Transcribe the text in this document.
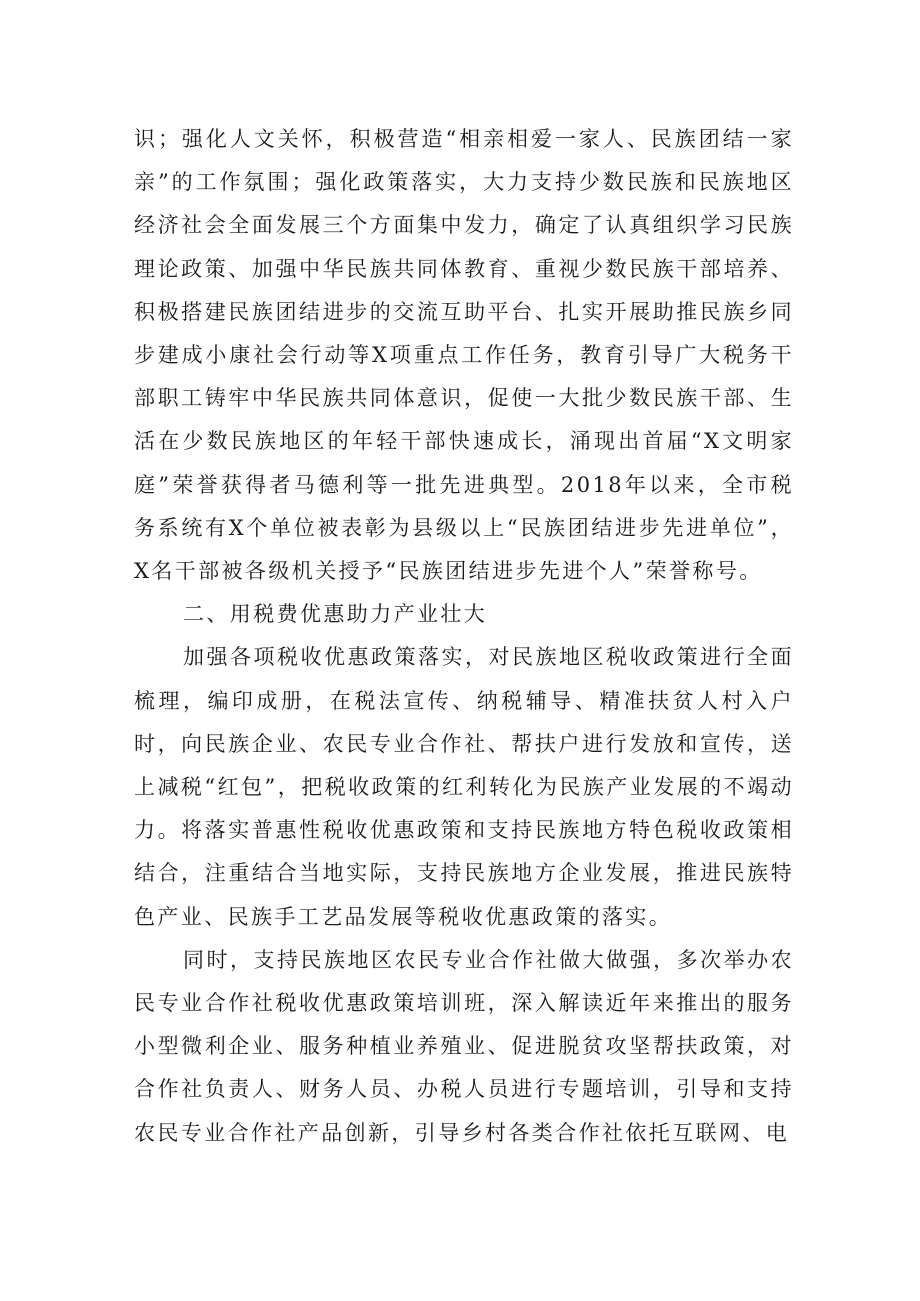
识；强化人文关怀，积极营造“相亲相爱一家人、民族团结一家亲”的工作氛围；强化政策落实，大力支持少数民族和民族地区经济社会全面发展三个方面集中发力，确定了认真组织学习民族理论政策、加强中华民族共同体教育、重视少数民族干部培养、积极搭建民族团结进步的交流互助平台、扎实开展助推民族乡同步建成小康社会行动等X项重点工作任务，教育引导广大税务干部职工铸牢中华民族共同体意识，促使一大批少数民族干部、生活在少数民族地区的年轻干部快速成长，涌现出首届“X文明家庭”荣誉获得者马德利等一批先进典型。2018年以来，全市税务系统有X个单位被表彰为县级以上“民族团结进步先进单位”，X名干部被各级机关授予“民族团结进步先进个人”荣誉称号。

二、用税费优惠助力产业壮大

加强各项税收优惠政策落实，对民族地区税收政策进行全面梳理，编印成册，在税法宣传、纳税辅导、精准扶贫人村入户时，向民族企业、农民专业合作社、帮扶户进行发放和宣传，送上减税“红包”，把税收政策的红利转化为民族产业发展的不竭动力。将落实普惠性税收优惠政策和支持民族地方特色税收政策相结合，注重结合当地实际，支持民族地方企业发展，推进民族特色产业、民族手工艺品发展等税收优惠政策的落实。

同时，支持民族地区农民专业合作社做大做强，多次举办农民专业合作社税收优惠政策培训班，深入解读近年来推出的服务小型微利企业、服务种植业养殖业、促进脱贫攻坚帮扶政策，对合作社负责人、财务人员、办税人员进行专题培训，引导和支持农民专业合作社产品创新，引导乡村各类合作社依托互联网、电
